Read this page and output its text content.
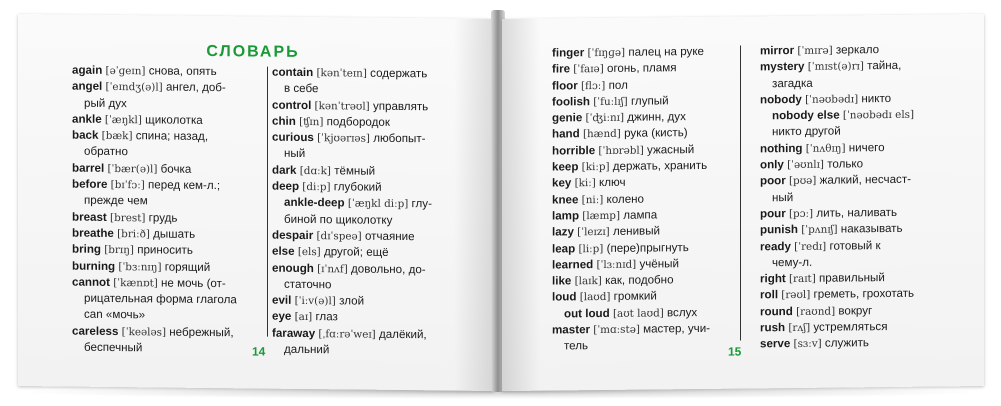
СЛОВАРЬ

again [əˈɡeɪn] снова, опять

angel [ˈeɪndʒ(ə)l] ангел, доб-

рый дух

ankle [ˈæŋkl] щиколотка

back [bæk] спина; назад,

обратно

barrel [ˈbær(ə)l] бочка

before [bɪˈfɔː] перед кем-л.;

прежде чем

breast [brest] грудь

breathe [briːð] дышать

bring [brɪŋ] приносить

burning [ˈbɜːnɪŋ] горящий

cannot [ˈkænɒt] не мочь (от-

рицательная форма глагола

can «мочь»

careless [ˈkeələs] небрежный,

беспечный

contain [kənˈteɪn] содержать

в себе

control [kənˈtrəʊl] управлять

chin [ʧɪn] подбородок

curious [ˈkjʊərɪəs] любопыт-

ный

dark [dɑːk] тёмный

deep [diːp] глубокий

ankle-deep [ˈæŋkl diːp] глу-

биной по щиколотку

despair [dɪˈspeə] отчаяние

else [els] другой; ещё

enough [ɪˈnʌf] довольно, до-

статочно

evil [ˈiːv(ə)l] злой

eye [aɪ] глаз

faraway [ˌfɑːrəˈweɪ] далёкий,

дальний

14

finger [ˈfɪŋɡə] палец на руке

fire [ˈfaɪə] огонь, пламя

floor [flɔː] пол

foolish [ˈfuːlɪʃ] глупый

genie [ˈʤiːnɪ] джинн, дух

hand [hænd] рука (кисть)

horrible [ˈhɒrəbl] ужасный

keep [kiːp] держать, хранить

key [kiː] ключ

knee [niː] колено

lamp [læmp] лампа

lazy [ˈleɪzɪ] ленивый

leap [liːp] (пере)прыгнуть

learned [ˈlɜːnɪd] учёный

like [laɪk] как, подобно

loud [laʊd] громкий

out loud [aʊt laʊd] вслух

master [ˈmɑːstə] мастер, учи-

тель

mirror [ˈmɪrə] зеркало

mystery [ˈmɪst(ə)rɪ] тайна,

загадка

nobody [ˈnəʊbədɪ] никто

nobody else [ˈnəʊbədɪ els]

никто другой

nothing [ˈnʌθɪŋ] ничего

only [ˈəʊnlɪ] только

poor [pʊə] жалкий, несчаст-

ный

pour [pɔː] лить, наливать

punish [ˈpʌnɪʃ] наказывать

ready [ˈredɪ] готовый к

чему-л.

right [raɪt] правильный

roll [rəʊl] греметь, грохотать

round [raʊnd] вокруг

rush [rʌʃ] устремляться

serve [sɜːv] служить

15
